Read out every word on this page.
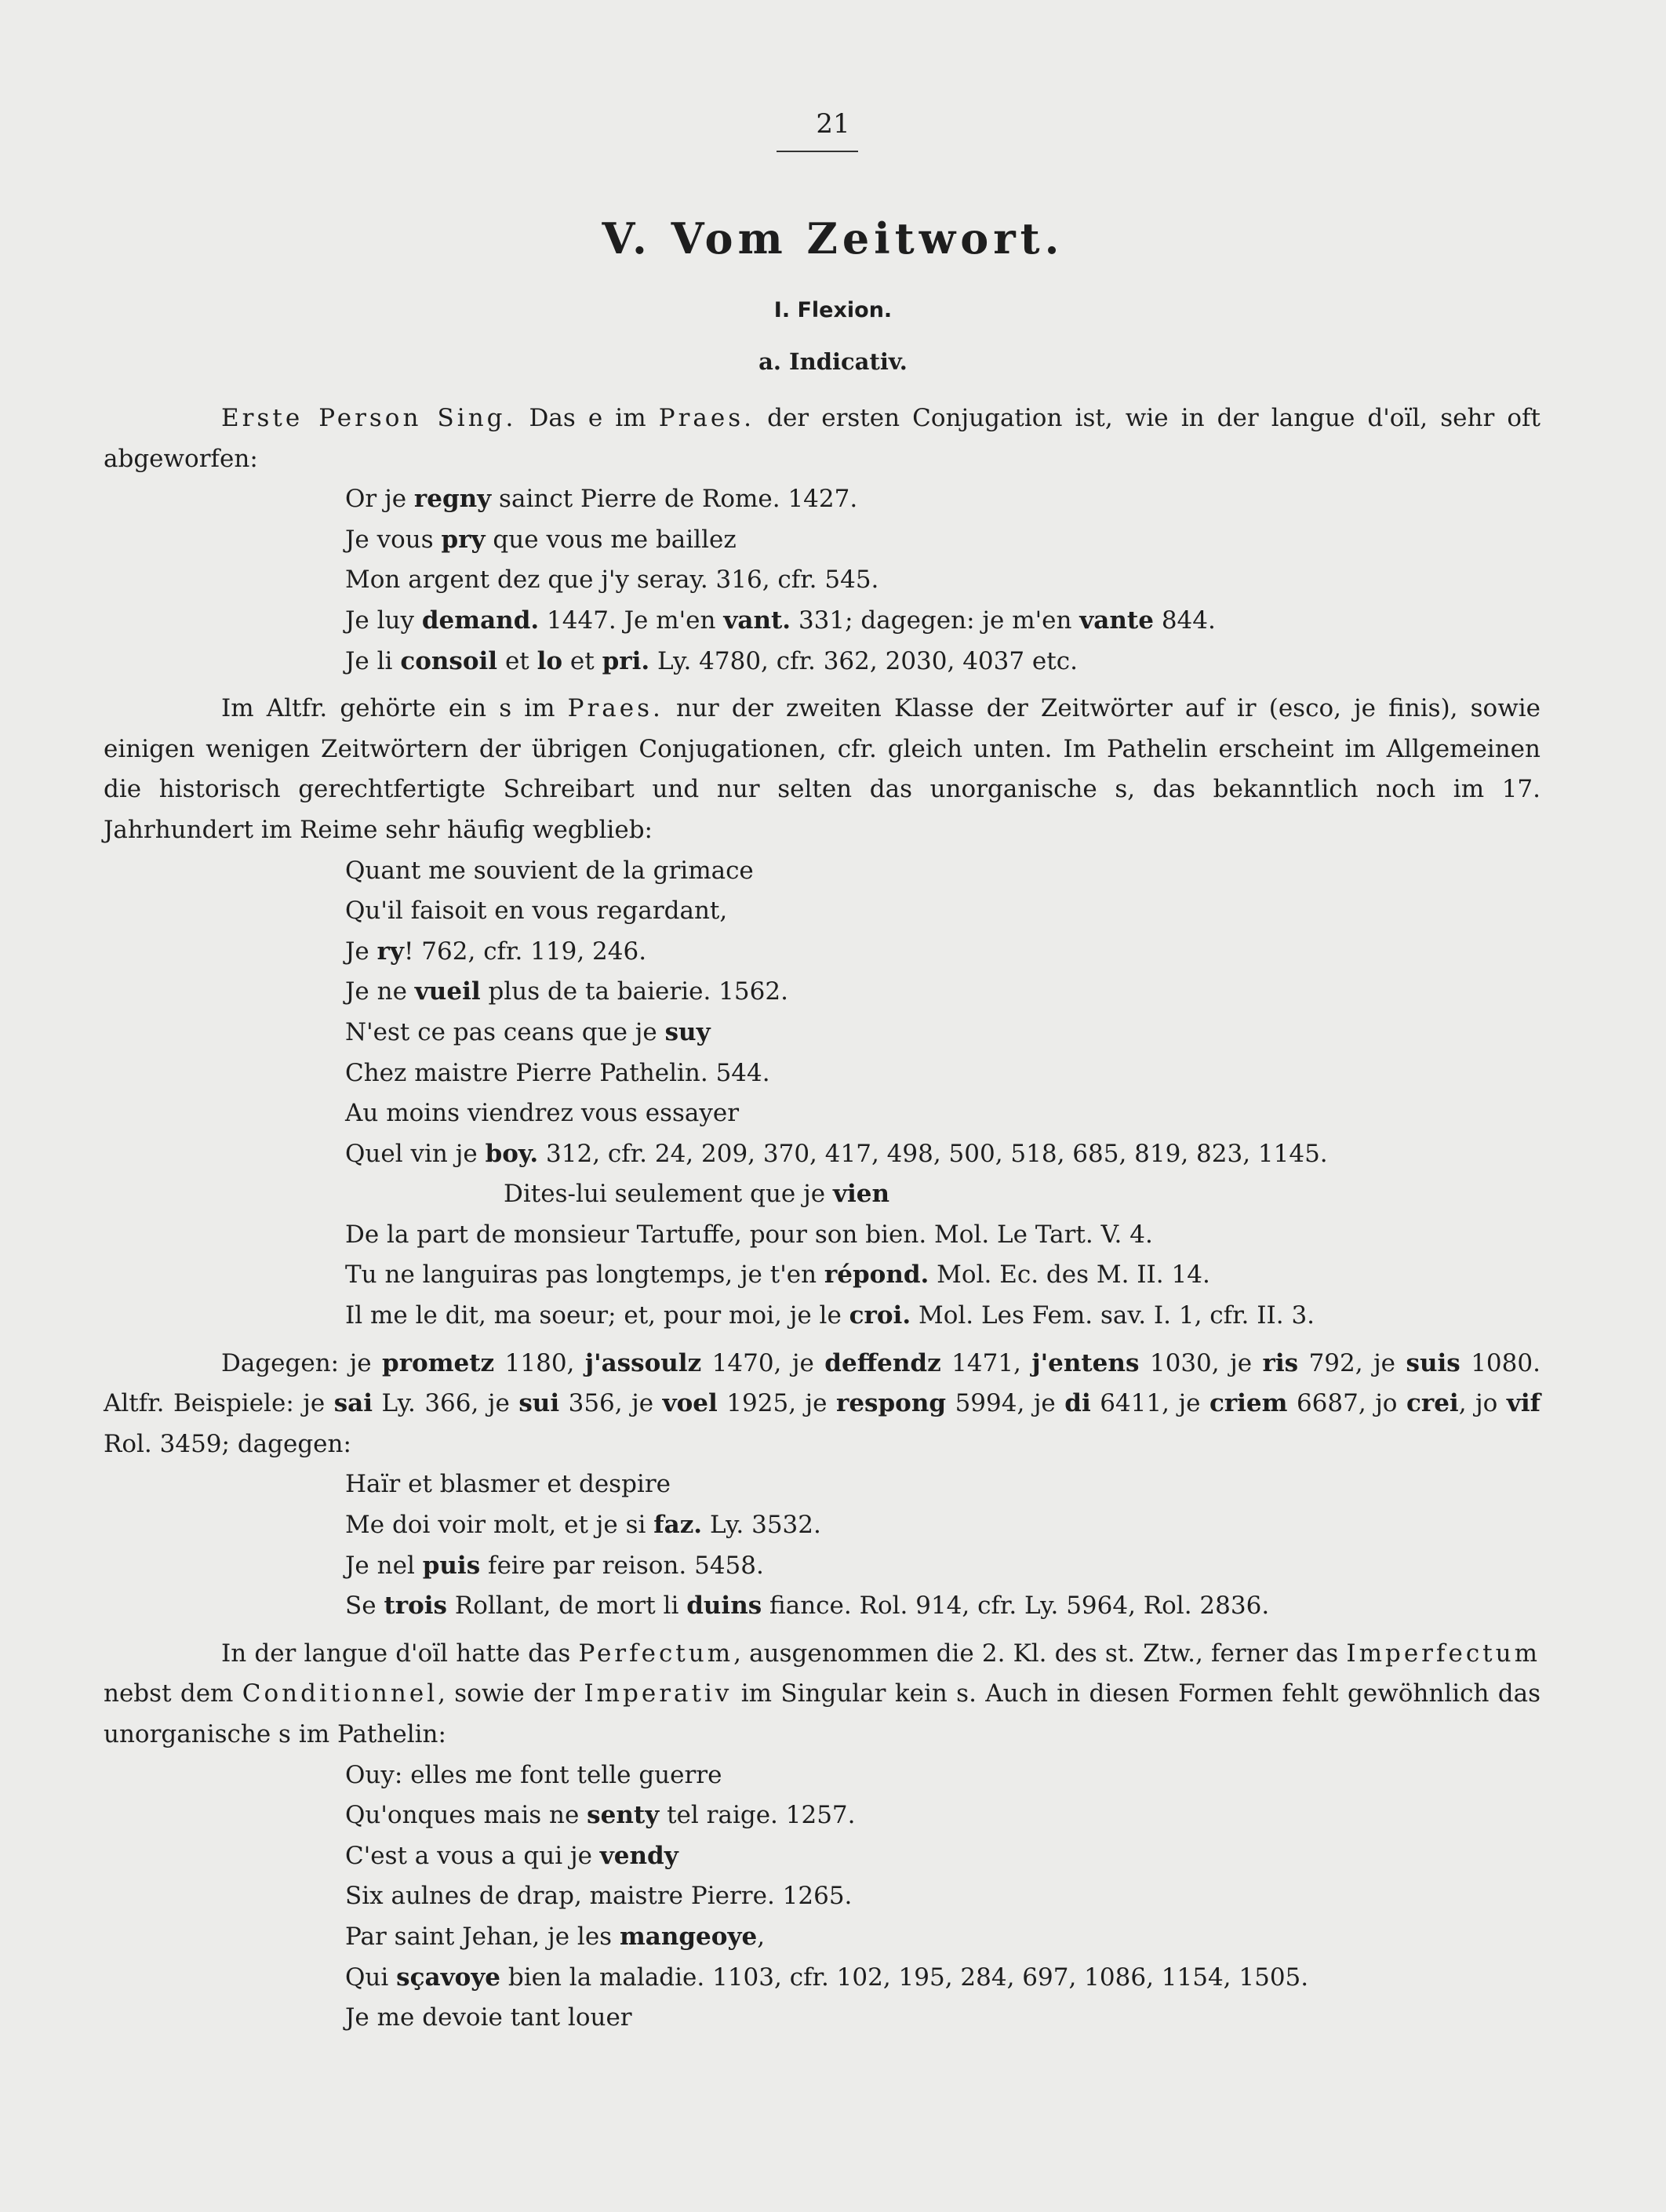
21
V. Vom Zeitwort.
I. Flexion.
a. Indicativ.

Erste Person Sing. Das e im Praes. der ersten Conjugation ist, wie in der langue d'oïl, sehr oft abgeworfen:

Or je regny sainct Pierre de Rome. 1427.

Je vous pry que vous me baillez

Mon argent dez que j'y seray. 316, cfr. 545.

Je luy demand. 1447. Je m'en vant. 331; dagegen: je m'en vante 844.

Je li consoil et lo et pri. Ly. 4780, cfr. 362, 2030, 4037 etc.

Im Altfr. gehörte ein s im Praes. nur der zweiten Klasse der Zeitwörter auf ir (esco, je finis), sowie einigen wenigen Zeitwörtern der übrigen Conjugationen, cfr. gleich unten. Im Pathelin erscheint im Allgemeinen die historisch gerechtfertigte Schreibart und nur selten das unorganische s, das bekanntlich noch im 17. Jahrhundert im Reime sehr häufig wegblieb:

Quant me souvient de la grimace

Qu'il faisoit en vous regardant,

Je ry! 762, cfr. 119, 246.

Je ne vueil plus de ta baierie. 1562.

N'est ce pas ceans que je suy

Chez maistre Pierre Pathelin. 544.

Au moins viendrez vous essayer

Quel vin je boy. 312, cfr. 24, 209, 370, 417, 498, 500, 518, 685, 819, 823, 1145.

Dites-lui seulement que je vien

De la part de monsieur Tartuffe, pour son bien. Mol. Le Tart. V. 4.

Tu ne languiras pas longtemps, je t'en répond. Mol. Ec. des M. II. 14.

Il me le dit, ma soeur; et, pour moi, je le croi. Mol. Les Fem. sav. I. 1, cfr. II. 3.

Dagegen: je prometz 1180, j'assoulz 1470, je deffendz 1471, j'entens 1030, je ris 792, je suis 1080. Altfr. Beispiele: je sai Ly. 366, je sui 356, je voel 1925, je respong 5994, je di 6411, je criem 6687, jo crei, jo vif Rol. 3459; dagegen:

Haïr et blasmer et despire

Me doi voir molt, et je si faz. Ly. 3532.

Je nel puis feire par reison. 5458.

Se trois Rollant, de mort li duins fiance. Rol. 914, cfr. Ly. 5964, Rol. 2836.

In der langue d'oïl hatte das Perfectum, ausgenommen die 2. Kl. des st. Ztw., ferner das Imperfectum nebst dem Conditionnel, sowie der Imperativ im Singular kein s. Auch in diesen Formen fehlt gewöhnlich das unorganische s im Pathelin:

Ouy: elles me font telle guerre

Qu'onques mais ne senty tel raige. 1257.

C'est a vous a qui je vendy

Six aulnes de drap, maistre Pierre. 1265.

Par saint Jehan, je les mangeoye,

Qui sçavoye bien la maladie. 1103, cfr. 102, 195, 284, 697, 1086, 1154, 1505.

Je me devoie tant louer
